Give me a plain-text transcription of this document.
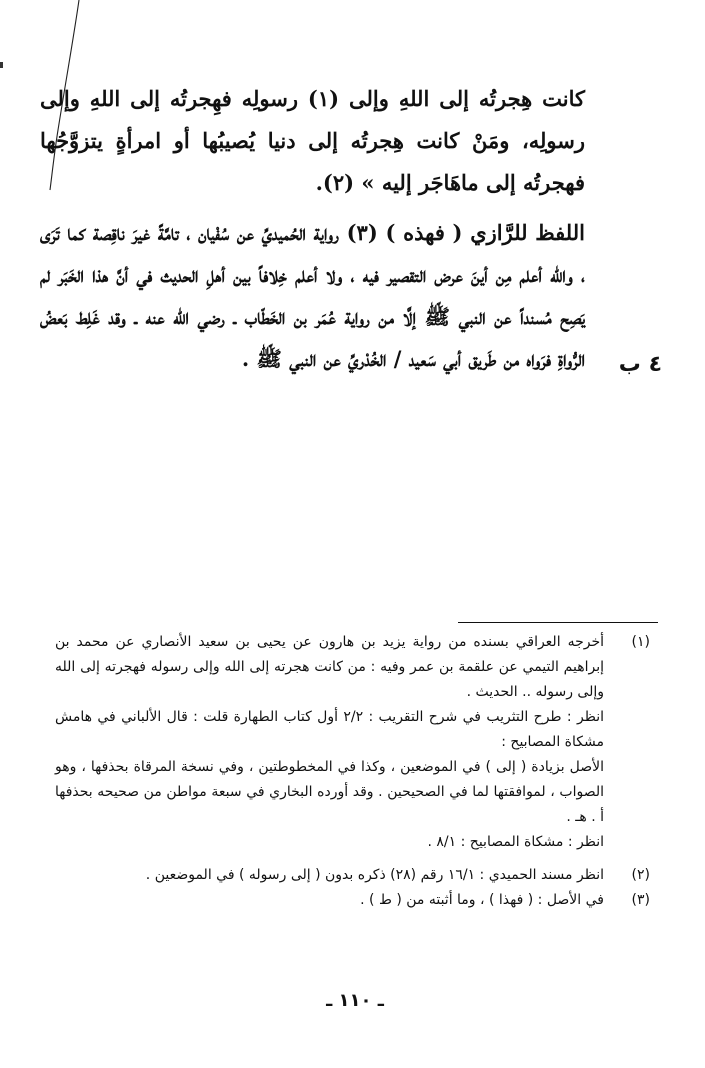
كانت هِجرتُه إلى اللهِ وإلى (١) رسولِه فهِجرتُه إلى اللهِ وإلى رسولِه، ومَنْ كانت هِجرتُه إلى دنيا يُصيبُها أو امرأةٍ يتزوَّجُها فهجرتُه إلى ماهَاجَر إليه » (٢).

اللفظ للرَّازي ( فهذه ) (٣) رواية الحُميديِّ عن سُفْيان ، تامَّةً غيرَ ناقِصة كما تَرَى ، والله أعلم مِن أينَ عرض التقصير فيه ، ولا أعلم خِلافاً بين أهلِ الحديث في أنَّ هذا الخَبَر لم يَصِح مُسنداً عن النبي ﷺ إلَّا من رواية عُمَر بن الخَطّاب ـ رضي الله عنه ـ وقد غَلِط بَعضُ الرُّواةِ فرَواه من طَريق أبي سَعيد / الخُدْريِّ عن النبي ﷺ .	٤ ب
(١)

أخرجه العراقي بسنده من رواية يزيد بن هارون عن يحيى بن سعيد الأنصاري عن محمد بن إبراهيم التيمي عن علقمة بن عمر وفيه : من كانت هجرته إلى الله وإلى رسوله فهجرته إلى الله وإلى رسوله .. الحديث .

انظر : طرح التثريب في شرح التقريب : ٢/٢ أول كتاب الطهارة قلت : قال الألباني في هامش مشكاة المصابيح :

الأصل بزيادة ( إلى ) في الموضعين ، وكذا في المخطوطتين ، وفي نسخة المرقاة بحذفها ، وهو الصواب ، لموافقتها لما في الصحيحين . وقد أورده البخاري في سبعة مواطن من صحيحه بحذفها أ . هـ .

انظر : مشكاة المصابيح : ٨/١ .

(٢)

انظر مسند الحميدي : ١٦/١ رقم (٢٨) ذكره بدون ( إلى رسوله ) في الموضعين .

(٣)

في الأصل : ( فهذا ) ، وما أثبته من ( ط ) .

ـ ١١٠ ـ
